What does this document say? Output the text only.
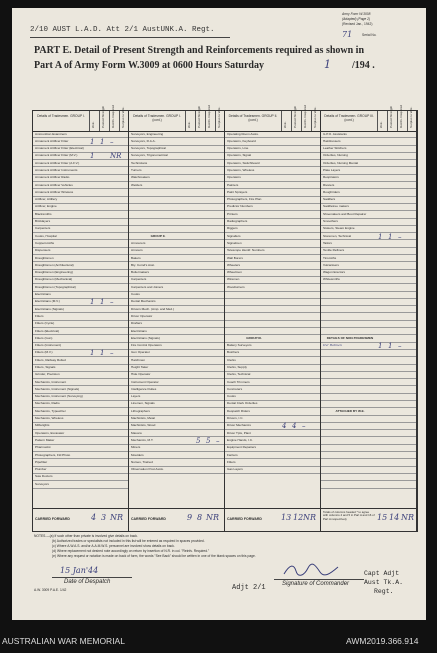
Army Form W.3008
(Adapted) (Page 2)
(Revised Jan., 1942)
71	Serial No.
2/10 AUST L.A.D. Att 2/1 AustUNK.A. Regt.
PART E. Detail of Present Strength and Reinforcements required as shown in
Part A of Army Form W.3009 at 0600 Hours Saturday	1 /194 .
Details of Tradesmen. GROUP I.
W.E. Posted Strength Reinfs. Required Surplus to W.E.
Ammunition Examiners
Armament Artificer Fitter	1 1 –
Armament Artificer Fitter (Electrical)
Armament Artificer Fitter (M.V.)	1 NR
Armament Artificer Fitter (A.F.V.)
Armament Artificer Instruments
Armament Artificer Radio
Armament Artificer Vehicles
Armament Artificer Wireless
Artificer, Artillery
Artificer, Engine
Blacksmiths
Bricklayers
Carpenters
Cooks, Hospital
Coppersmiths
Dispensers
Draughtsmen
Draughtsmen (Architectural)
Draughtsmen (Engineering)
Draughtsmen (Mechanical)
Draughtsmen (Topographical)
Electricians
Electricians (M.V.)	1 1 –
Electricians (Signals)
Fitters
Fitters (Cycle)
Fitters (Electrical)
Fitters (Gun)
Fitters (Instrument)
Fitters (M.V.)	1 1 –
Fitters, Railway Rolled
Fitters, Signals
Grinder, Precision
Mechanics, Instrument
Mechanics, Instrument (Signals)
Mechanics, Instrument (Surveying)
Mechanics, Radio
Mechanics, Typewriter
Mechanics, Wireless
Millwrights
Operators, Excavator
Pattern Maker
Pharmacist
Photographers, Fld Photo
Pipefitter
Plumber
Saw Doctors
Surveyors
Details of Tradesmen. GROUP I. (cont.)
W.E. Posted Strength Reinfs. Required Surplus to W.E.
Surveyors, Engineering
Surveyors, R.A.A.
Surveyors, Topographical
Surveyors, Trigonometrical
Technicians
Turners
Watchmakers
Welders
GROUP II.
Armourers
Armours
Bakers
Bty. Comd's Asst.
Boilermakers
Carpenters
Carpenters and Joiners
Cooks
Dental Mechanics
Drivers Mech. (Amp. and Med.)
Driver Operator
Drafters
Electricians
Electricians (Signals)
Fire Control Operators
Gun Operator
Hatchmen
Height Taker
Hide Operator
Instrument Operator
Intelligence Duties
Layers
Linemen, Signals
Lithographers
Machinists, Metal
Machinists, Wood
Masons
Mechanics, M.T.	5 5 –
Miners
Moulders
Nurses, Trained
Observation Post Assts.
Details of Tradesmen. GROUP II. (cont.)
W.E. Posted Strength Reinfs. Required Surplus to W.E.
Operating Room Assts.
Operators, Keyboard
Operators, Line
Operators, Signal
Operators, Switchboard
Operators, Wireless
Operators
Painters
Paint Sprayers
Photographers, Fire Plan
Predictor Numbers
Printers
Radiographers
Riggers
Signallers
Signalmen
Telescope Identif. Numbers
Wall Borers
Wheelers
Wheelmen
Wiremen
Woodturners
GROUP III.
Battery Surveyors
Butchers
Clerks
Clerks, Supply
Clerks, Technical
Coach Trimmers
Concreters
Cooks
Dental Clerk Orderlies
Despatch Riders
Drivers, I.C.
Driver Mechanics	4 4 –
Driver Tpts, Plant
Engine Hands, I.C.
Equipment Repairers
Farriers
Fitters
Gas Layers
Details of Tradesmen. GROUP III. (cont.)
W.E. Posted Strength Reinfs. Required Surplus to W.E.
G.P.O. Assistants
Hairdressers
Leather Stitchers
Orderlies, Nursing
Orderlies, Nursing Mental
Plate Layers
Respirators
Riveters
Roughriders
Saddlers
Saddletree makers
Shoemakers and Boot Repairer
Smoothers
Stokers, Steam Engine
Storemen, Technical	1 1 –
Tailors
Textile Refiners
Tinsmiths
Vulcanisers
Wagon Erectors
Whitesmiths
DETAILS OF NON-TRADESMEN
Dvr Batmen	1 1 –
ATTACHED BY W.E.
CARRIED FORWARD	4 3 NR CARRIED FORWARD	9 8 NR CARRIED FORWARD 13 12 NR
Totals of columns headed * to agree with columns 4 and 5 in Part A and 16 of Part A respectively	15 14 NR
NOTES.—(a) If such other than private is involved give details on back.
(b) Authorized trades or specialists not included in this list will be entered as required in spaces provided.
(c) Where A.W.A.S. and/or A.A.M.W.S. personnel are involved show details on back.
(d) Where replacement not desired note accordingly on return by insertion of N.R. in col. "Reinfs. Required."
(e) Where any request or notation is made on back of form, the words "See Back" should be written in one of the blank spaces on this page.
15 Jan'44
Date of Despatch
A.W. 3009 P.A.E. 1/42	Adjt 2/1	Signature of Commander
Capt Adjt
Aust Tk.A.
Regt.
AUSTRALIAN WAR MEMORIAL	AWM2019.366.914
